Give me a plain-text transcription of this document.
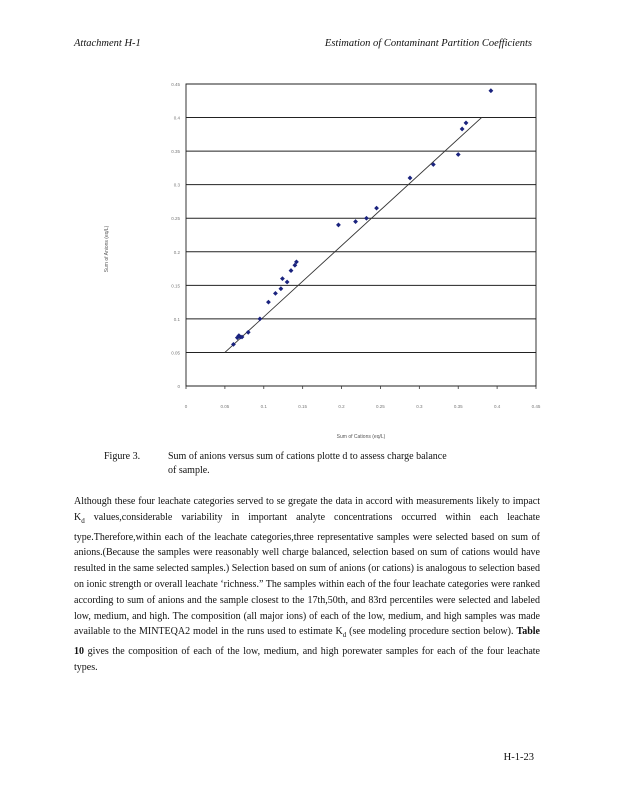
Attachment H-1	Estimation of Contaminant Partition Coefficients
0
0.05
0.1
0.15
0.2
0.25
0.3
0.35
0.4
0.45
0	0.05	0.1	0.15	0.2	0.25	0.3	0.35	0.4	0.45
Sum of Cations (eq/L)
Sum of Anions (eq/L)
Figure 3.	Sum of anions versus sum of cations plotte d to assess charge balance
of sample.
Although these four leachate categories served to se gregate the data in accord with measurements likely to impact $K_d$ values,considerable variability in important analyte concentrations occurred within each leachate type.Therefore,within each of the leachate categories,three representative samples were selected based on sum of anions.(Because the samples were reasonably well charge balanced, selection based on sum of cations would have resulted in the same selected samples.) Selection based on sum of anions (or cations) is analogous to selection based on ionic strength or overall leachate ‘richness.” The samples within each of the four leachate categories were ranked according to sum of anions and the sample closest to the 17th,50th, and 83rd percentiles were selected and labeled low, medium, and high. The composition (all major ions) of each of the low, medium, and high samples was made available to the MINTEQA2 model in the runs used to estimate $K_d$ (see modeling procedure section below). Table 10 gives the composition of each of the low, medium, and high porewater samples for each of the four leachate types.
H-1-23
